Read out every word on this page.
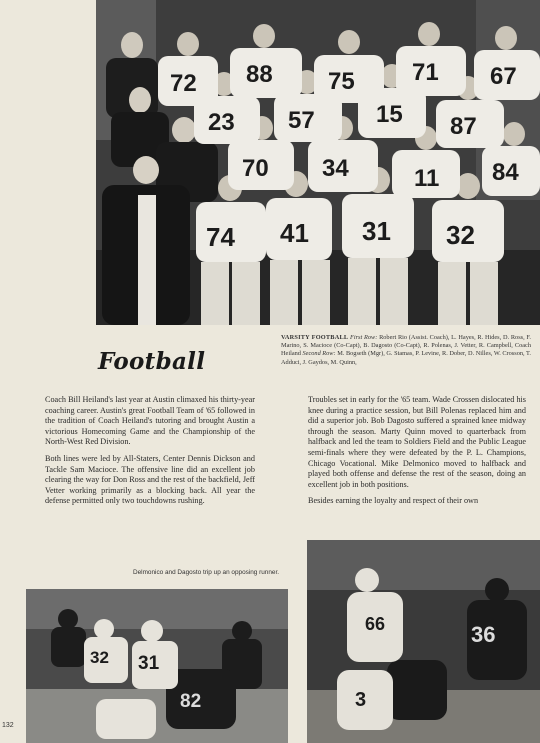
72 88 75 71 67
23 57	15 87
70 34	11 84
74 41 31 32
VARSITY FOOTBALL First Row: Robert Rio (Assist. Coach), L. Hayes, R. Hides, D. Ross, F. Marino, S. Macioce (Co-Capt), B. Dagosto (Co-Capt), R. Polenas, J. Vetter, R. Campbell, Coach Heiland Second Row: M. Bogseth (Mgr), G. Stamas, P. Levine, R. Dober, D. Nilles, W. Crosson, T. Adduci, J. Gaydos, M. Quinn,
Football

Coach Bill Heiland's last year at Austin climaxed his thirty-year coaching career. Austin's great Football Team of '65 followed in the tradition of Coach Heiland's tutoring and brought Austin a victorious Homecoming Game and the Championship of the North-West Red Division.

Both lines were led by All-Staters, Center Dennis Dickson and Tackle Sam Macioce. The offensive line did an excellent job clearing the way for Don Ross and the rest of the backfield, Jeff Vetter working primarily as a blocking back. All year the defense permitted only two touchdowns rushing.

Troubles set in early for the '65 team. Wade Crossen dislocated his knee during a practice session, but Bill Polenas replaced him and did a superior job. Bob Dagosto suffered a sprained knee midway through the season. Marty Quinn moved to quarterback from halfback and led the team to Soldiers Field and the Public League semi-finals where they were defeated by the P. L. Champions, Chicago Vocational. Mike Delmonico moved to halfback and played both offense and defense the rest of the season, doing an excellent job in both positions.

Besides earning the loyalty and respect of their own

Delmonico and Dagosto trip up an opposing runner.
32 31
82
66	36
3
132
